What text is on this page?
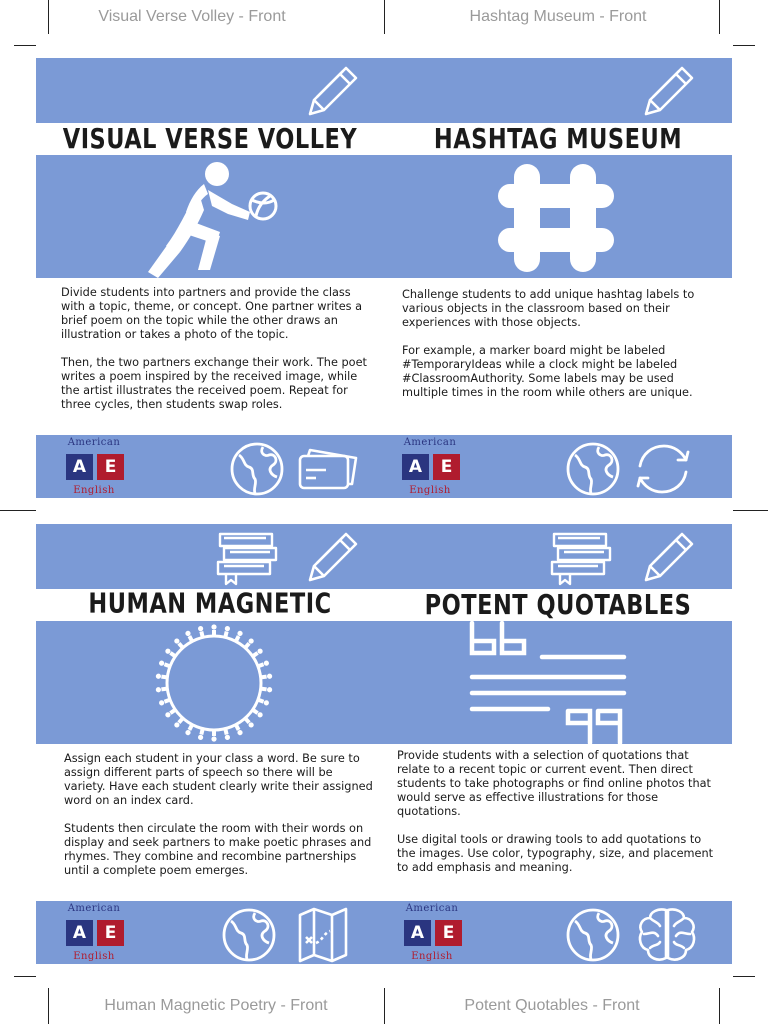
Visual Verse Volley - Front	Hashtag Museum - Front
Human Magnetic Poetry - Front	Potent Quotables - Front
VISUAL VERSE VOLLEY

Divide students into partners and provide the class with a topic, theme, or concept. One partner writes a brief poem on the topic while the other draws an illustration or takes a photo of the topic.

Then, the two partners exchange their work. The poet writes a poem inspired by the received image, while the artist illustrates the received poem. Repeat for three cycles, then students swap roles.

American
A	E
English
HASHTAG MUSEUM

Challenge students to add unique hashtag labels to various objects in the classroom based on their experiences with those objects.

For example, a marker board might be labeled #TemporaryIdeas while a clock might be labeled #ClassroomAuthority. Some labels may be used multiple times in the room while others are unique.

American
A	E
English
HUMAN MAGNETIC

Assign each student in your class a word. Be sure to assign different parts of speech so there will be variety. Have each student clearly write their assigned word on an index card.

Students then circulate the room with their words on display and seek partners to make poetic phrases and rhymes. They combine and recombine partnerships until a complete poem emerges.

American
A	E
English
POTENT QUOTABLES

Provide students with a selection of quotations that relate to a recent topic or current event. Then direct students to take photographs or find online photos that would serve as effective illustrations for those quotations.

Use digital tools or drawing tools to add quotations to the images. Use color, typography, size, and placement to add emphasis and meaning.

American
A	E
English
